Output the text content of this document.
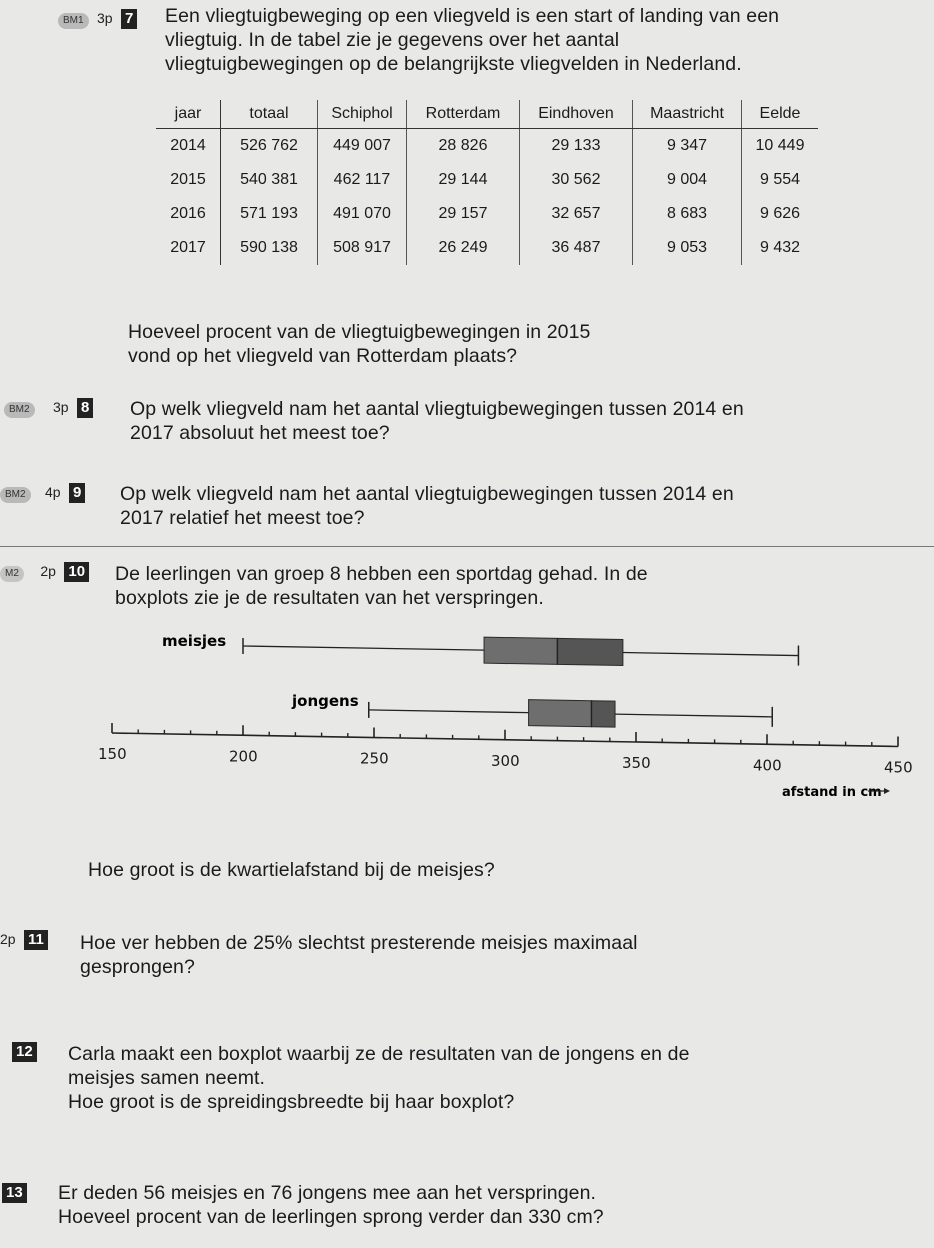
BM1 3p 7 Een vliegtuigbeweging op een vliegveld is een start of landing van een
vliegtuig. In de tabel zie je gegevens over het aantal
vliegtuigbewegingen op de belangrijkste vliegvelden in Nederland.
jaar	totaal	Schiphol	Rotterdam	Eindhoven	Maastricht	Eelde
2014	526 762	449 007	28 826	29 133	9 347	10 449
2015	540 381	462 117	29 144	30 562	9 004	9 554
2016	571 193	491 070	29 157	32 657	8 683	9 626
2017	590 138	508 917	26 249	36 487	9 053	9 432
Hoeveel procent van de vliegtuigbewegingen in 2015
vond op het vliegveld van Rotterdam plaats?
BM2 3p 8 Op welk vliegveld nam het aantal vliegtuigbewegingen tussen 2014 en
2017 absoluut het meest toe?
BM2 4p 9 Op welk vliegveld nam het aantal vliegtuigbewegingen tussen 2014 en
2017 relatief het meest toe?
M2 2p 10 De leerlingen van groep 8 hebben een sportdag gehad. In de
boxplots zie je de resultaten van het verspringen.
meisjes
jongens
150	200	250	300	350	400	450
afstand in cm
Hoe groot is de kwartielafstand bij de meisjes?
2p 11 Hoe ver hebben de 25% slechtst presterende meisjes maximaal
gesprongen?
12 Carla maakt een boxplot waarbij ze de resultaten van de jongens en de
meisjes samen neemt.
Hoe groot is de spreidingsbreedte bij haar boxplot?
13 Er deden 56 meisjes en 76 jongens mee aan het verspringen.
Hoeveel procent van de leerlingen sprong verder dan 330 cm?
